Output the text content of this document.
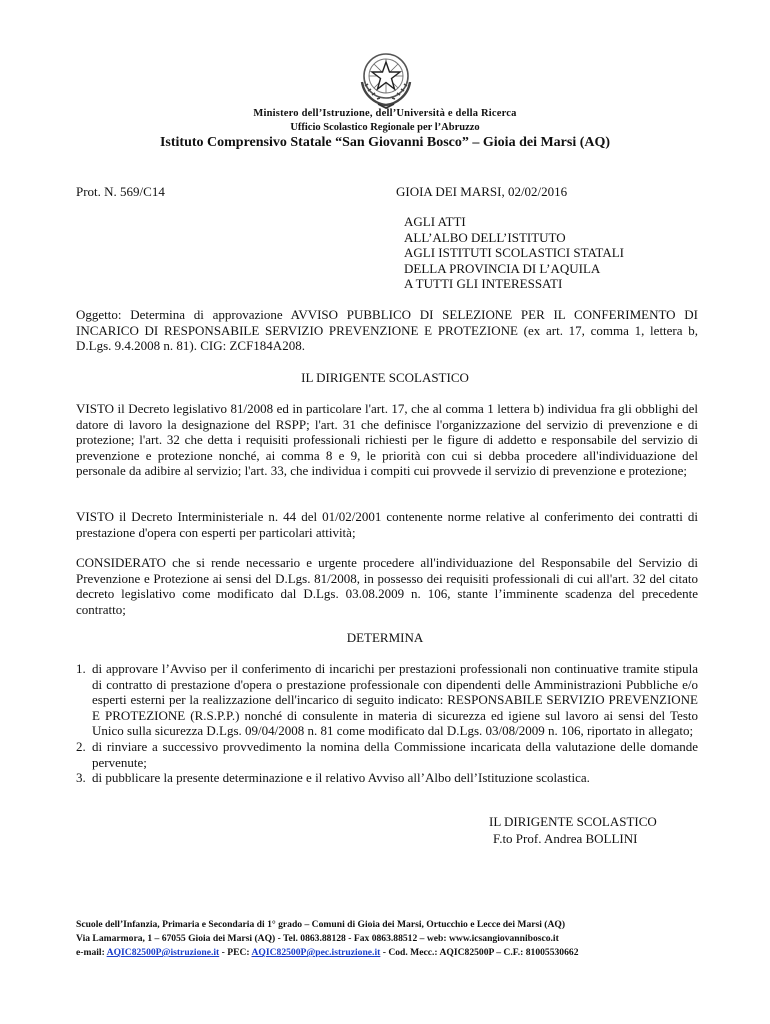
Ministero dell’Istruzione, dell’Università e della Ricerca
Ufficio Scolastico Regionale per l’Abruzzo
Istituto Comprensivo Statale “San Giovanni Bosco” – Gioia dei Marsi (AQ)
Prot. N. 569/C14	GIOIA DEI MARSI, 02/02/2016
AGLI ATTI
ALL’ALBO DELL’ISTITUTO
AGLI ISTITUTI SCOLASTICI STATALI
DELLA PROVINCIA DI L’AQUILA
A TUTTI GLI INTERESSATI
Oggetto: Determina di approvazione AVVISO PUBBLICO DI SELEZIONE PER IL CONFERIMENTO DI INCARICO DI RESPONSABILE SERVIZIO PREVENZIONE E PROTEZIONE (ex art. 17, comma 1, lettera b, D.Lgs. 9.4.2008 n. 81). CIG: ZCF184A208.
IL DIRIGENTE SCOLASTICO
VISTO il Decreto legislativo 81/2008 ed in particolare l'art. 17, che al comma 1 lettera b) individua fra gli obblighi del datore di lavoro la designazione del RSPP; l'art. 31 che definisce l'organizzazione del servizio di prevenzione e di protezione; l'art. 32 che detta i requisiti professionali richiesti per le figure di addetto e responsabile del servizio di prevenzione e protezione nonché, ai comma 8 e 9, le priorità con cui si debba procedere all'individuazione del personale da adibire al servizio; l'art. 33, che individua i compiti cui provvede il servizio di prevenzione e protezione;
VISTO il Decreto Interministeriale n. 44 del 01/02/2001 contenente norme relative al conferimento dei contratti di prestazione d'opera con esperti per particolari attività;
CONSIDERATO che si rende necessario e urgente procedere all'individuazione del Responsabile del Servizio di Prevenzione e Protezione ai sensi del D.Lgs. 81/2008, in possesso dei requisiti professionali di cui all'art. 32 del citato decreto legislativo come modificato dal D.Lgs. 03.08.2009 n. 106, stante l’imminente scadenza del precedente contratto;
DETERMINA
1. di approvare l’Avviso per il conferimento di incarichi per prestazioni professionali non continuative tramite stipula di contratto di prestazione d'opera o prestazione professionale con dipendenti delle Amministrazioni Pubbliche e/o esperti esterni per la realizzazione dell'incarico di seguito indicato: RESPONSABILE SERVIZIO PREVENZIONE E PROTEZIONE (R.S.P.P.) nonché di consulente in materia di sicurezza ed igiene sul lavoro ai sensi del Testo Unico sulla sicurezza D.Lgs. 09/04/2008 n. 81 come modificato dal D.Lgs. 03/08/2009 n. 106, riportato in allegato;
2. di rinviare a successivo provvedimento la nomina della Commissione incaricata della valutazione delle domande pervenute;
3. di pubblicare la presente determinazione e il relativo Avviso all’Albo dell’Istituzione scolastica.
IL DIRIGENTE SCOLASTICO
F.to Prof. Andrea BOLLINI
Scuole dell’Infanzia, Primaria e Secondaria di 1° grado – Comuni di Gioia dei Marsi, Ortucchio e Lecce dei Marsi (AQ)
Via Lamarmora, 1 – 67055 Gioia dei Marsi (AQ) - Tel. 0863.88128 - Fax 0863.88512 – web: www.icsangiovannibosco.it
e-mail: AQIC82500P@istruzione.it - PEC: AQIC82500P@pec.istruzione.it - Cod. Mecc.: AQIC82500P – C.F.: 81005530662
